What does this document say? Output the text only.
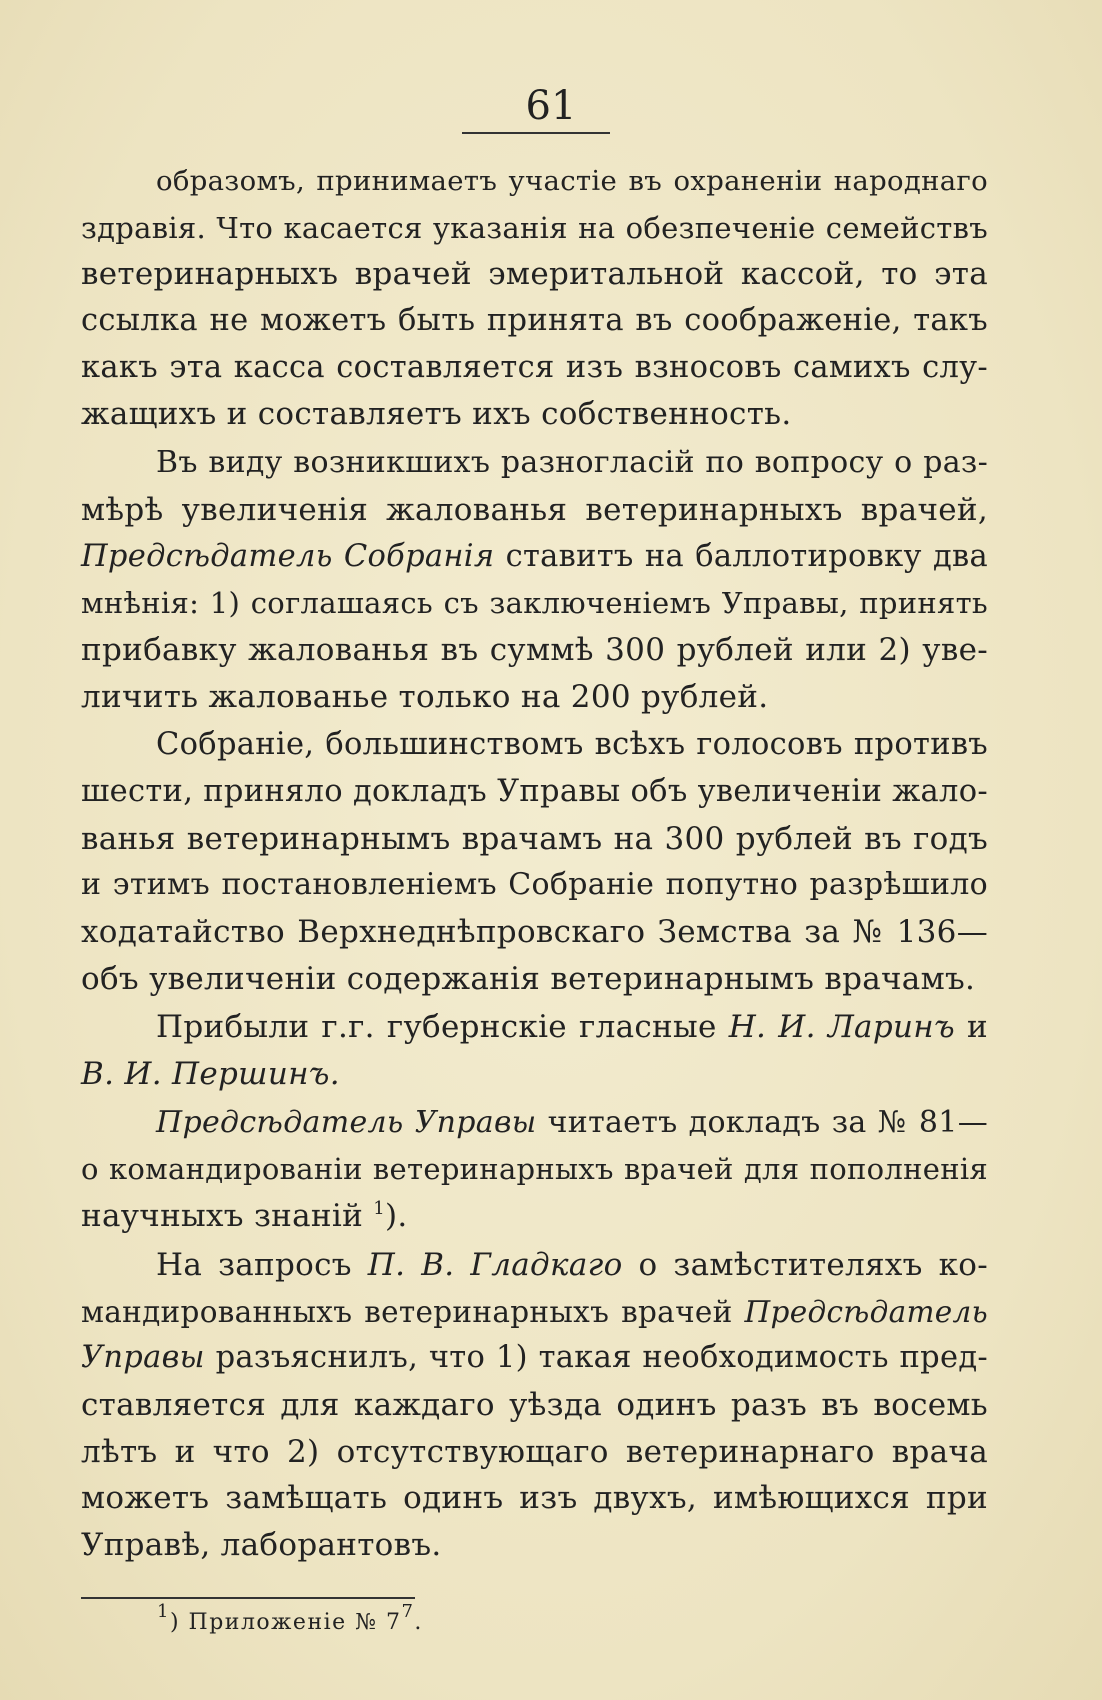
61
образомъ, принимаетъ участіе въ охраненіи народнаго
здравія. Что касается указанія на обезпеченіе семействъ
ветеринарныхъ врачей эмеритальной кассой, то эта
ссылка не можетъ быть принята въ соображеніе, такъ
какъ эта касса составляется изъ взносовъ самихъ слу-
жащихъ и составляетъ ихъ собственность.
Въ виду возникшихъ разногласій по вопросу о раз-
мѣрѣ увеличенія жалованья ветеринарныхъ врачей,
Предсѣдатель Собранія ставитъ на баллотировку два
мнѣнія: 1) соглашаясь съ заключеніемъ Управы, принять
прибавку жалованья въ суммѣ 300 рублей или 2) уве-
личить жалованье только на 200 рублей.
Собраніе, большинствомъ всѣхъ голосовъ противъ
шести, приняло докладъ Управы объ увеличеніи жало-
ванья ветеринарнымъ врачамъ на 300 рублей въ годъ
и этимъ постановленіемъ Собраніе попутно разрѣшило
ходатайство Верхнеднѣпровскаго Земства за № 136—
объ увеличеніи содержанія ветеринарнымъ врачамъ.
Прибыли г.г. губернскіе гласные Н. И. Ларинъ и
В. И. Першинъ.
Предсѣдатель Управы читаетъ докладъ за № 81—
о командированіи ветеринарныхъ врачей для пополненія
научныхъ знаній $^1$).
На запросъ П. В. Гладкаго о замѣстителяхъ ко-
мандированныхъ ветеринарныхъ врачей Предсѣдатель
Управы разъяснилъ, что 1) такая необходимость пред-
ставляется для каждаго уѣзда одинъ разъ въ восемь
лѣтъ и что 2) отсутствующаго ветеринарнаго врача
можетъ замѣщать одинъ изъ двухъ, имѣющихся при
Управѣ, лаборантовъ.
$^1$) Приложеніе № $7^7$.
